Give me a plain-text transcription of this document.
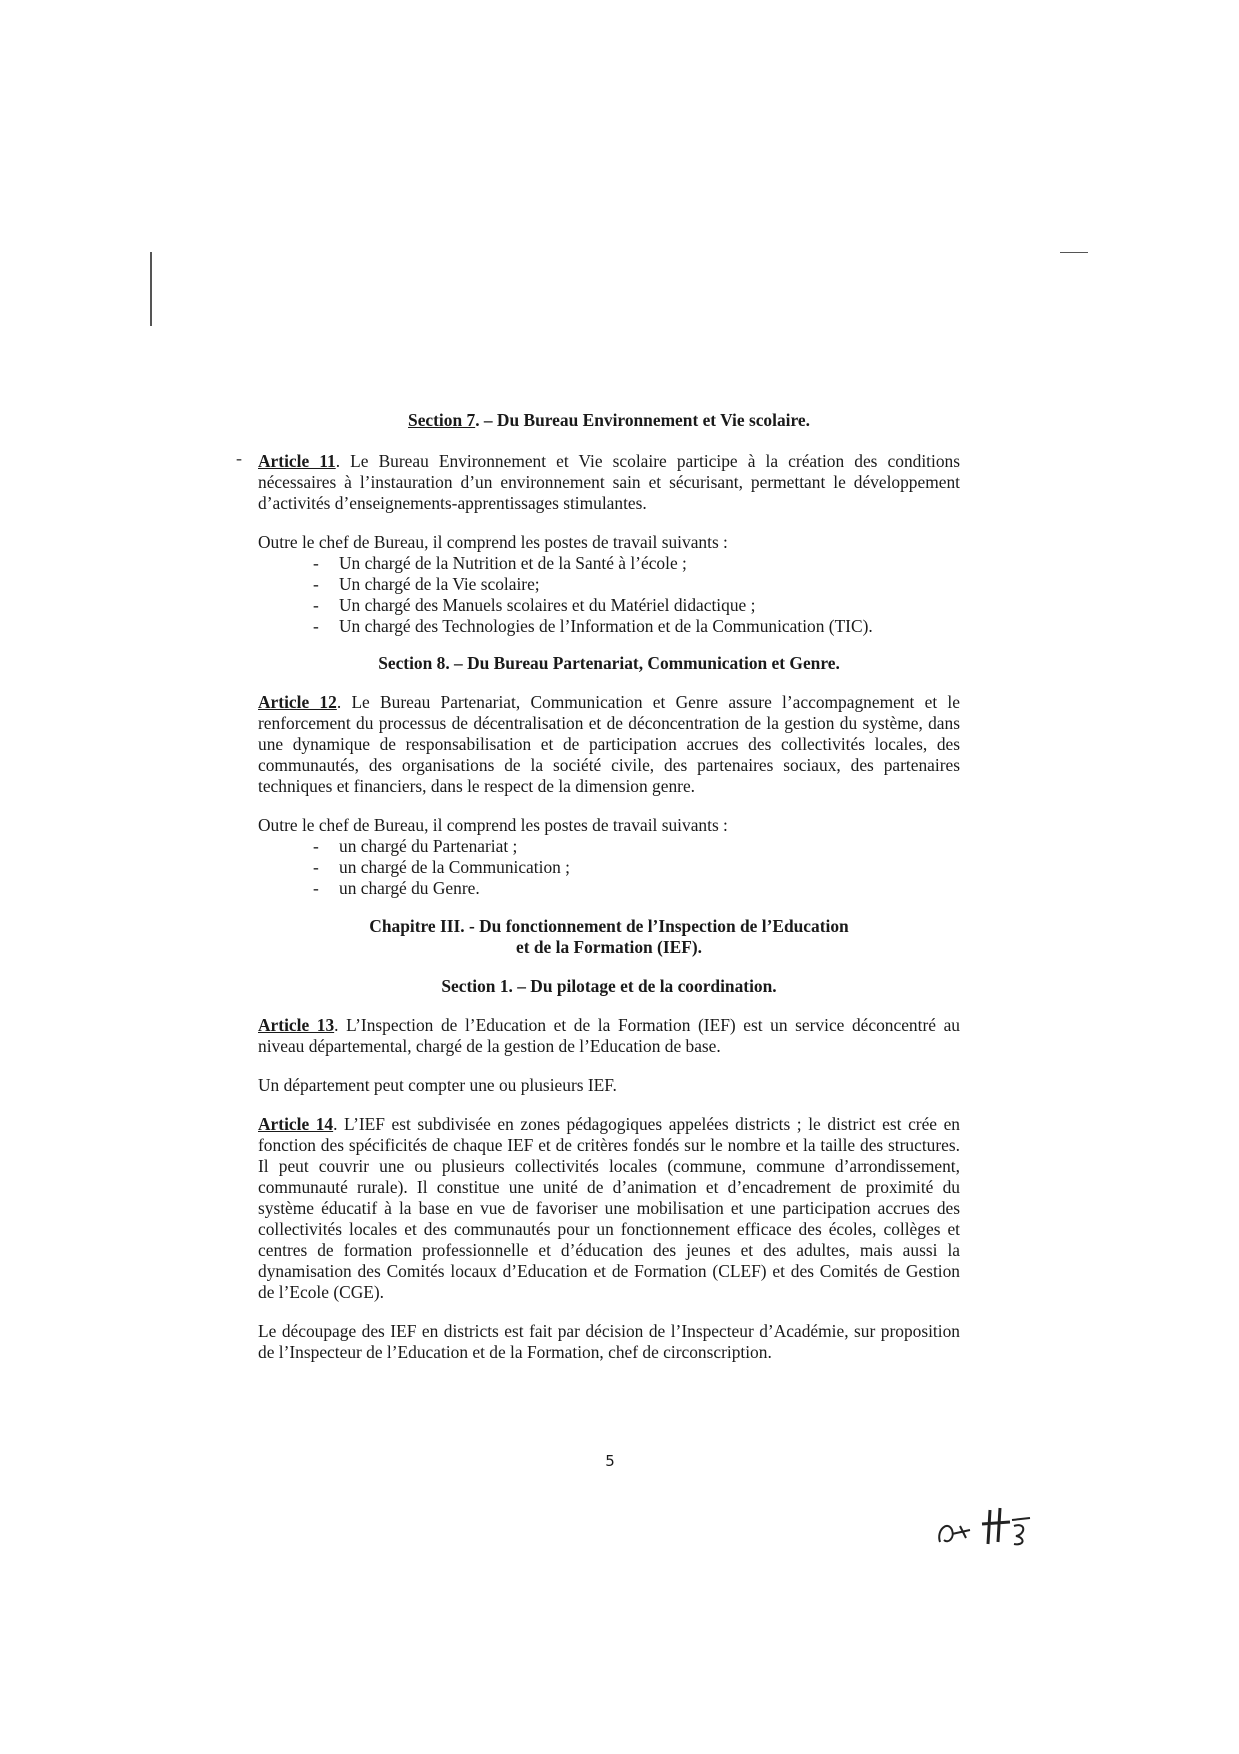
-

Section 7. – Du Bureau Environnement et Vie scolaire.

Article 11. Le Bureau Environnement et Vie scolaire participe à la création des conditions nécessaires à l’instauration d’un environnement sain et sécurisant, permettant le développement d’activités d’enseignements-apprentissages stimulantes.

Outre le chef de Bureau, il comprend les postes de travail suivants :

- Un chargé de la Nutrition et de la Santé à l’école ;
- Un chargé de la Vie scolaire;
- Un chargé des Manuels scolaires et du Matériel didactique ;
- Un chargé des Technologies de l’Information et de la Communication (TIC).

Section 8. – Du Bureau Partenariat, Communication et Genre.

Article 12. Le Bureau Partenariat, Communication et Genre assure l’accompagnement et le renforcement du processus de décentralisation et de déconcentration de la gestion du système, dans une dynamique de responsabilisation et de participation accrues des collectivités locales, des communautés, des organisations de la société civile, des partenaires sociaux, des partenaires techniques et financiers, dans le respect de la dimension genre.

Outre le chef de Bureau, il comprend les postes de travail suivants :

- un chargé du Partenariat ;
- un chargé de la Communication ;
- un chargé du Genre.

Chapitre III. - Du fonctionnement de l’Inspection de l’Education
et de la Formation (IEF).

Section 1. – Du pilotage et de la coordination.

Article 13. L’Inspection de l’Education et de la Formation (IEF) est un service déconcentré au niveau départemental, chargé de la gestion de l’Education de base.

Un département peut compter une ou plusieurs IEF.

Article 14. L’IEF est subdivisée en zones pédagogiques appelées districts ; le district est crée en fonction des spécificités de chaque IEF et de critères fondés sur le nombre et la taille des structures. Il peut couvrir une ou plusieurs collectivités locales (commune, commune d’arrondissement, communauté rurale). Il constitue une unité de d’animation et d’encadrement de proximité du système éducatif à la base en vue de favoriser une mobilisation et une participation accrues des collectivités locales et des communautés pour un fonctionnement efficace des écoles, collèges et centres de formation professionnelle et d’éducation des jeunes et des adultes, mais aussi la dynamisation des Comités locaux d’Education et de Formation (CLEF) et des Comités de Gestion de l’Ecole (CGE).

Le découpage des IEF en districts est fait par décision de l’Inspecteur d’Académie, sur proposition de l’Inspecteur de l’Education et de la Formation, chef de circonscription.

5
